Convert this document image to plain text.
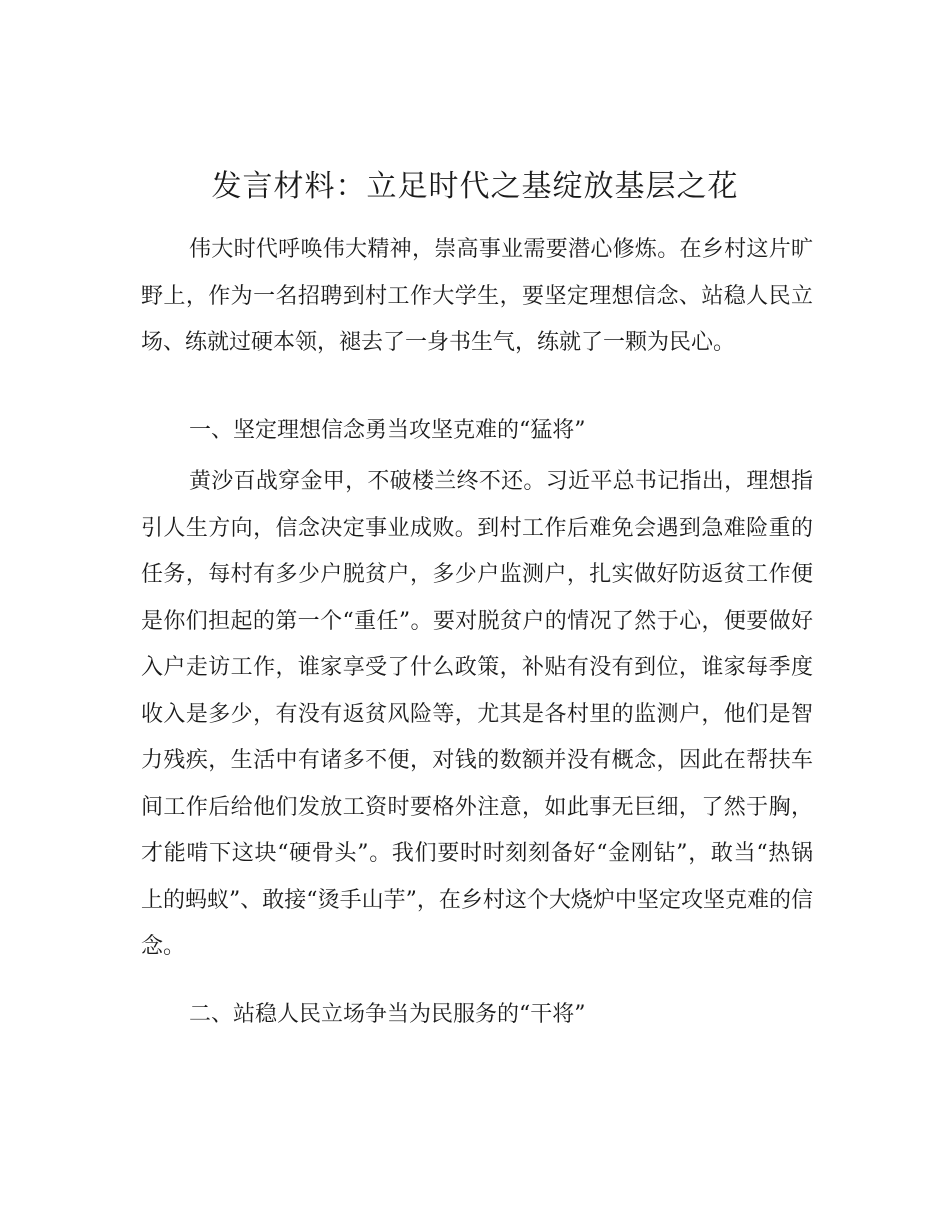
发言材料：立足时代之基绽放基层之花

伟大时代呼唤伟大精神，崇高事业需要潜心修炼。在乡村这片旷野上，作为一名招聘到村工作大学生，要坚定理想信念、站稳人民立场、练就过硬本领，褪去了一身书生气，练就了一颗为民心。

一、坚定理想信念勇当攻坚克难的“猛将”

黄沙百战穿金甲，不破楼兰终不还。习近平总书记指出，理想指引人生方向，信念决定事业成败。到村工作后难免会遇到急难险重的任务，每村有多少户脱贫户，多少户监测户，扎实做好防返贫工作便是你们担起的第一个“重任”。要对脱贫户的情况了然于心，便要做好入户走访工作，谁家享受了什么政策，补贴有没有到位，谁家每季度收入是多少，有没有返贫风险等，尤其是各村里的监测户，他们是智力残疾，生活中有诸多不便，对钱的数额并没有概念，因此在帮扶车间工作后给他们发放工资时要格外注意，如此事无巨细，了然于胸，才能啃下这块“硬骨头”。我们要时时刻刻备好“金刚钻”，敢当“热锅上的蚂蚁”、敢接“烫手山芋”，在乡村这个大烧炉中坚定攻坚克难的信念。

二、站稳人民立场争当为民服务的“干将”
